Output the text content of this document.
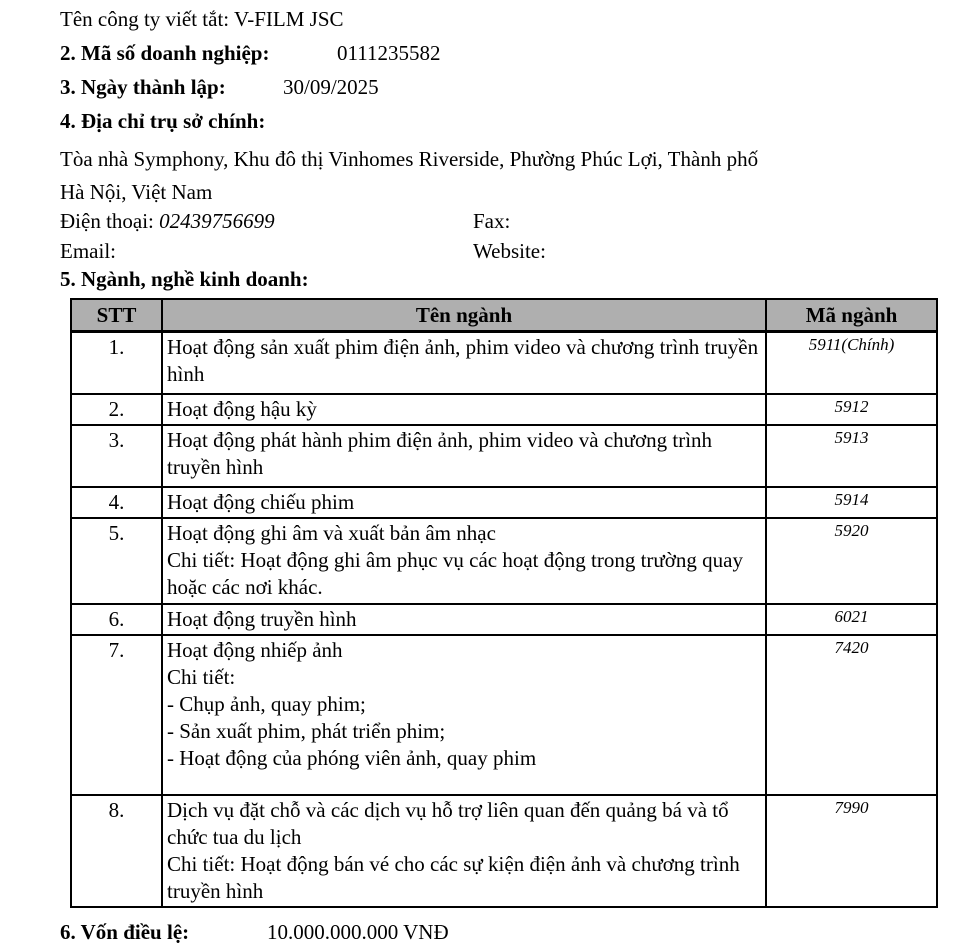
Tên công ty viết tắt: V-FILM JSC
2. Mã số doanh nghiệp:	0111235582
3. Ngày thành lập:	30/09/2025
4. Địa chỉ trụ sở chính:
Tòa nhà Symphony, Khu đô thị Vinhomes Riverside, Phường Phúc Lợi, Thành phố
Hà Nội, Việt Nam
Điện thoại: 02439756699	Fax:
Email:	Website:
5. Ngành, nghề kinh doanh:
STT	Tên ngành	Mã ngành
1.	Hoạt động sản xuất phim điện ảnh, phim video và chương trình truyền hình	5911(Chính)
2.	Hoạt động hậu kỳ	5912
3.	Hoạt động phát hành phim điện ảnh, phim video và chương trình truyền hình	5913
4.	Hoạt động chiếu phim	5914
5.	Hoạt động ghi âm và xuất bản âm nhạc
Chi tiết: Hoạt động ghi âm phục vụ các hoạt động trong trường quay hoặc các nơi khác.	5920
6.	Hoạt động truyền hình	6021
7.	Hoạt động nhiếp ảnh
Chi tiết:
- Chụp ảnh, quay phim;
- Sản xuất phim, phát triển phim;
- Hoạt động của phóng viên ảnh, quay phim	7420
8.	Dịch vụ đặt chỗ và các dịch vụ hỗ trợ liên quan đến quảng bá và tổ chức tua du lịch
Chi tiết: Hoạt động bán vé cho các sự kiện điện ảnh và chương trình truyền hình	7990
6. Vốn điều lệ:	10.000.000.000 VNĐ
